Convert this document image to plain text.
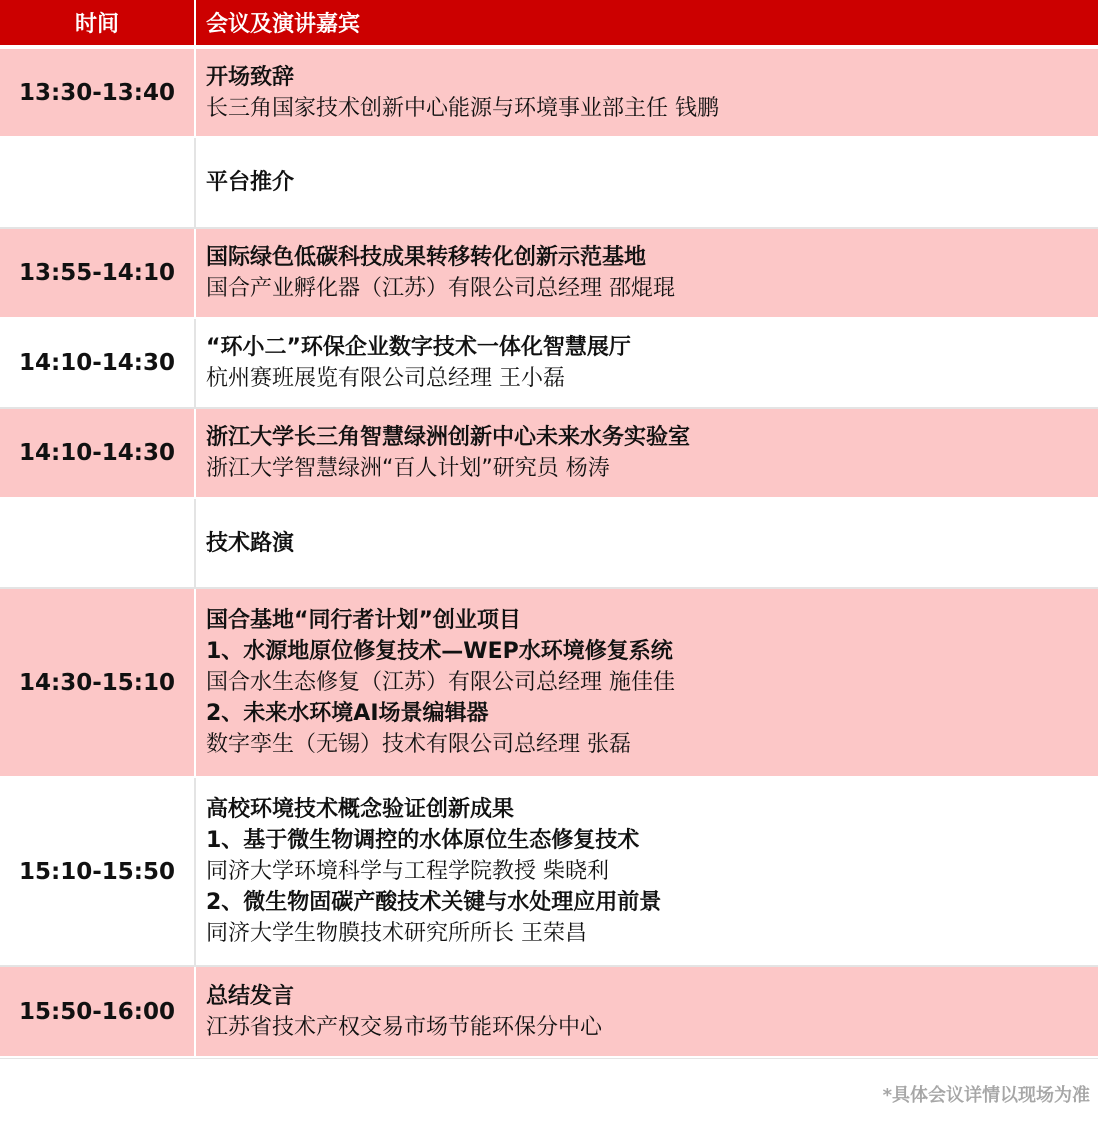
时间	会议及演讲嘉宾
13:30-13:40
开场致辞
长三角国家技术创新中心能源与环境事业部主任 钱鹏
平台推介
13:55-14:10
国际绿色低碳科技成果转移转化创新示范基地
国合产业孵化器（江苏）有限公司总经理 邵焜琨
14:10-14:30
“环小二”环保企业数字技术一体化智慧展厅
杭州赛班展览有限公司总经理 王小磊
14:10-14:30
浙江大学长三角智慧绿洲创新中心未来水务实验室
浙江大学智慧绿洲“百人计划”研究员 杨涛
技术路演
14:30-15:10
国合基地“同行者计划”创业项目
1、水源地原位修复技术—WEP水环境修复系统
国合水生态修复（江苏）有限公司总经理 施佳佳
2、未来水环境AI场景编辑器
数字孪生（无锡）技术有限公司总经理 张磊
15:10-15:50
高校环境技术概念验证创新成果
1、基于微生物调控的水体原位生态修复技术
同济大学环境科学与工程学院教授 柴晓利
2、微生物固碳产酸技术关键与水处理应用前景
同济大学生物膜技术研究所所长 王荣昌
15:50-16:00
总结发言
江苏省技术产权交易市场节能环保分中心
*具体会议详情以现场为准
